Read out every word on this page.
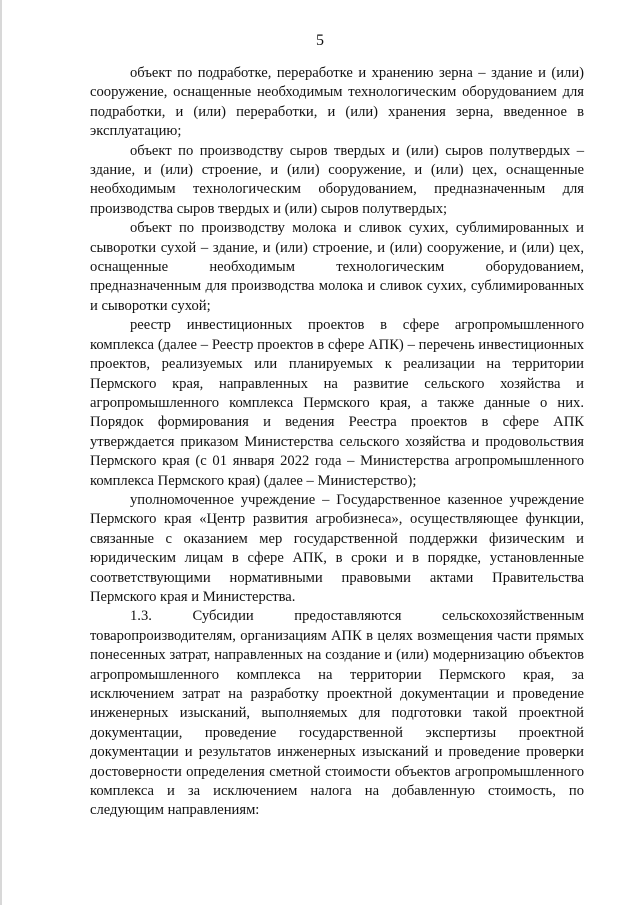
5

объект по подработке, переработке и хранению зерна – здание и (или) сооружение, оснащенные необходимым технологическим оборудованием для подработки, и (или) переработки, и (или) хранения зерна, введенное в эксплуатацию;

объект по производству сыров твердых и (или) сыров полутвердых – здание, и (или) строение, и (или) сооружение, и (или) цех, оснащенные необходимым технологическим оборудованием, предназначенным для производства сыров твердых и (или) сыров полутвердых;

объект по производству молока и сливок сухих, сублимированных и сыворотки сухой – здание, и (или) строение, и (или) сооружение, и (или) цех, оснащенные необходимым технологическим оборудованием, предназначенным для производства молока и сливок сухих, сублимированных и сыворотки сухой;

реестр инвестиционных проектов в сфере агропромышленного комплекса (далее – Реестр проектов в сфере АПК) – перечень инвестиционных проектов, реализуемых или планируемых к реализации на территории Пермского края, направленных на развитие сельского хозяйства и агропромышленного комплекса Пермского края, а также данные о них. Порядок формирования и ведения Реестра проектов в сфере АПК утверждается приказом Министерства сельского хозяйства и продовольствия Пермского края (с 01 января 2022 года – Министерства агропромышленного комплекса Пермского края) (далее – Министерство);

уполномоченное учреждение – Государственное казенное учреждение Пермского края «Центр развития агробизнеса», осуществляющее функции, связанные с оказанием мер государственной поддержки физическим и юридическим лицам в сфере АПК, в сроки и в порядке, установленные соответствующими нормативными правовыми актами Правительства Пермского края и Министерства.

1.3. Субсидии предоставляются сельскохозяйственным товаропроизводителям, организациям АПК в целях возмещения части прямых понесенных затрат, направленных на создание и (или) модернизацию объектов агропромышленного комплекса на территории Пермского края, за исключением затрат на разработку проектной документации и проведение инженерных изысканий, выполняемых для подготовки такой проектной документации, проведение государственной экспертизы проектной документации и результатов инженерных изысканий и проведение проверки достоверности определения сметной стоимости объектов агропромышленного комплекса и за исключением налога на добавленную стоимость, по следующим направлениям:
